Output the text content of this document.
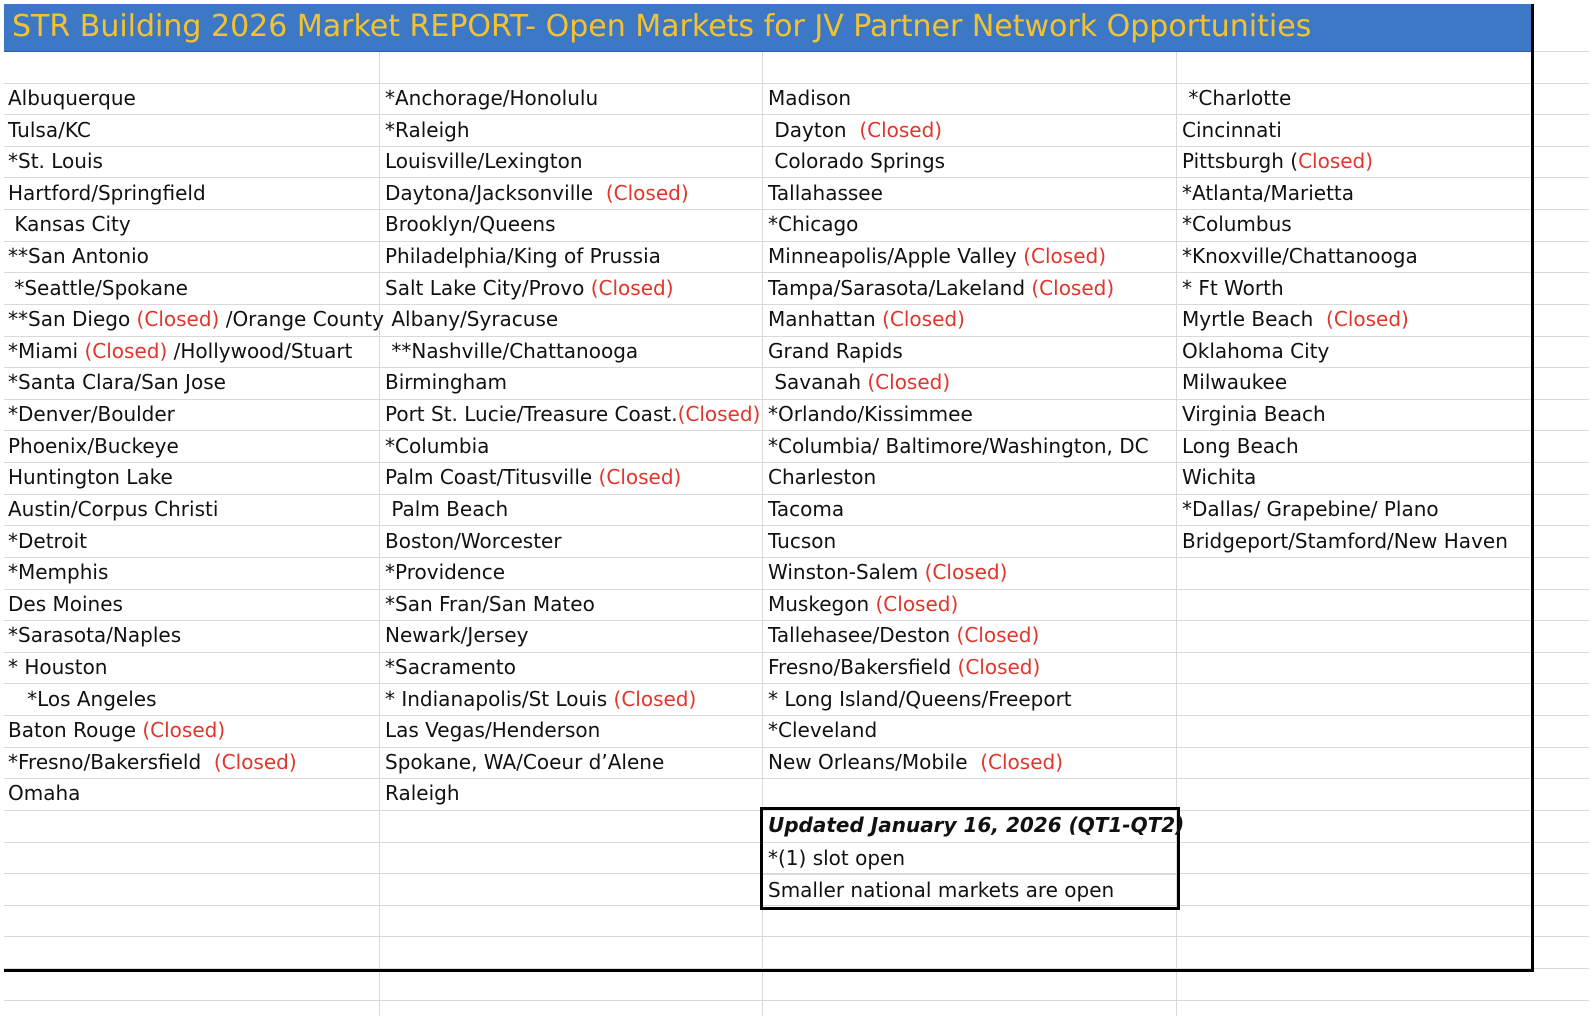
STR Building 2026 Market REPORT- Open Markets for JV Partner Network Opportunities
Albuquerque
Tulsa/KC
*St. Louis
Hartford/Springfield
Kansas City
**San Antonio
*Seattle/Spokane
**San Diego (Closed) /Orange County
*Miami (Closed) /Hollywood/Stuart
*Santa Clara/San Jose
*Denver/Boulder
Phoenix/Buckeye
Huntington Lake
Austin/Corpus Christi
*Detroit
*Memphis
Des Moines
*Sarasota/Naples
* Houston
*Los Angeles
Baton Rouge (Closed)
*Fresno/Bakersfield  (Closed)
Omaha
*Anchorage/Honolulu
*Raleigh
Louisville/Lexington
Daytona/Jacksonville  (Closed)
Brooklyn/Queens
Philadelphia/King of Prussia
Salt Lake City/Provo (Closed)
Albany/Syracuse
**Nashville/Chattanooga
Birmingham
Port St. Lucie/Treasure Coast.(Closed)
*Columbia
Palm Coast/Titusville (Closed)
Palm Beach
Boston/Worcester
*Providence
*San Fran/San Mateo
Newark/Jersey
*Sacramento
* Indianapolis/St Louis (Closed)
Las Vegas/Henderson
Spokane, WA/Coeur d’Alene
Raleigh
Madison
Dayton  (Closed)
Colorado Springs
Tallahassee
*Chicago
Minneapolis/Apple Valley (Closed)
Tampa/Sarasota/Lakeland (Closed)
Manhattan (Closed)
Grand Rapids
Savanah (Closed)
*Orlando/Kissimmee
*Columbia/ Baltimore/Washington, DC
Charleston
Tacoma
Tucson
Winston-Salem (Closed)
Muskegon (Closed)
Tallehasee/Deston (Closed)
Fresno/Bakersfield (Closed)
* Long Island/Queens/Freeport
*Cleveland
New Orleans/Mobile  (Closed)
*Charlotte
Cincinnati
Pittsburgh (Closed)
*Atlanta/Marietta
*Columbus
*Knoxville/Chattanooga
* Ft Worth
Myrtle Beach  (Closed)
Oklahoma City
Milwaukee
Virginia Beach
Long Beach
Wichita
*Dallas/ Grapebine/ Plano
Bridgeport/Stamford/New Haven
Updated January 16, 2026 (QT1-QT2)
*(1) slot open
Smaller national markets are open
